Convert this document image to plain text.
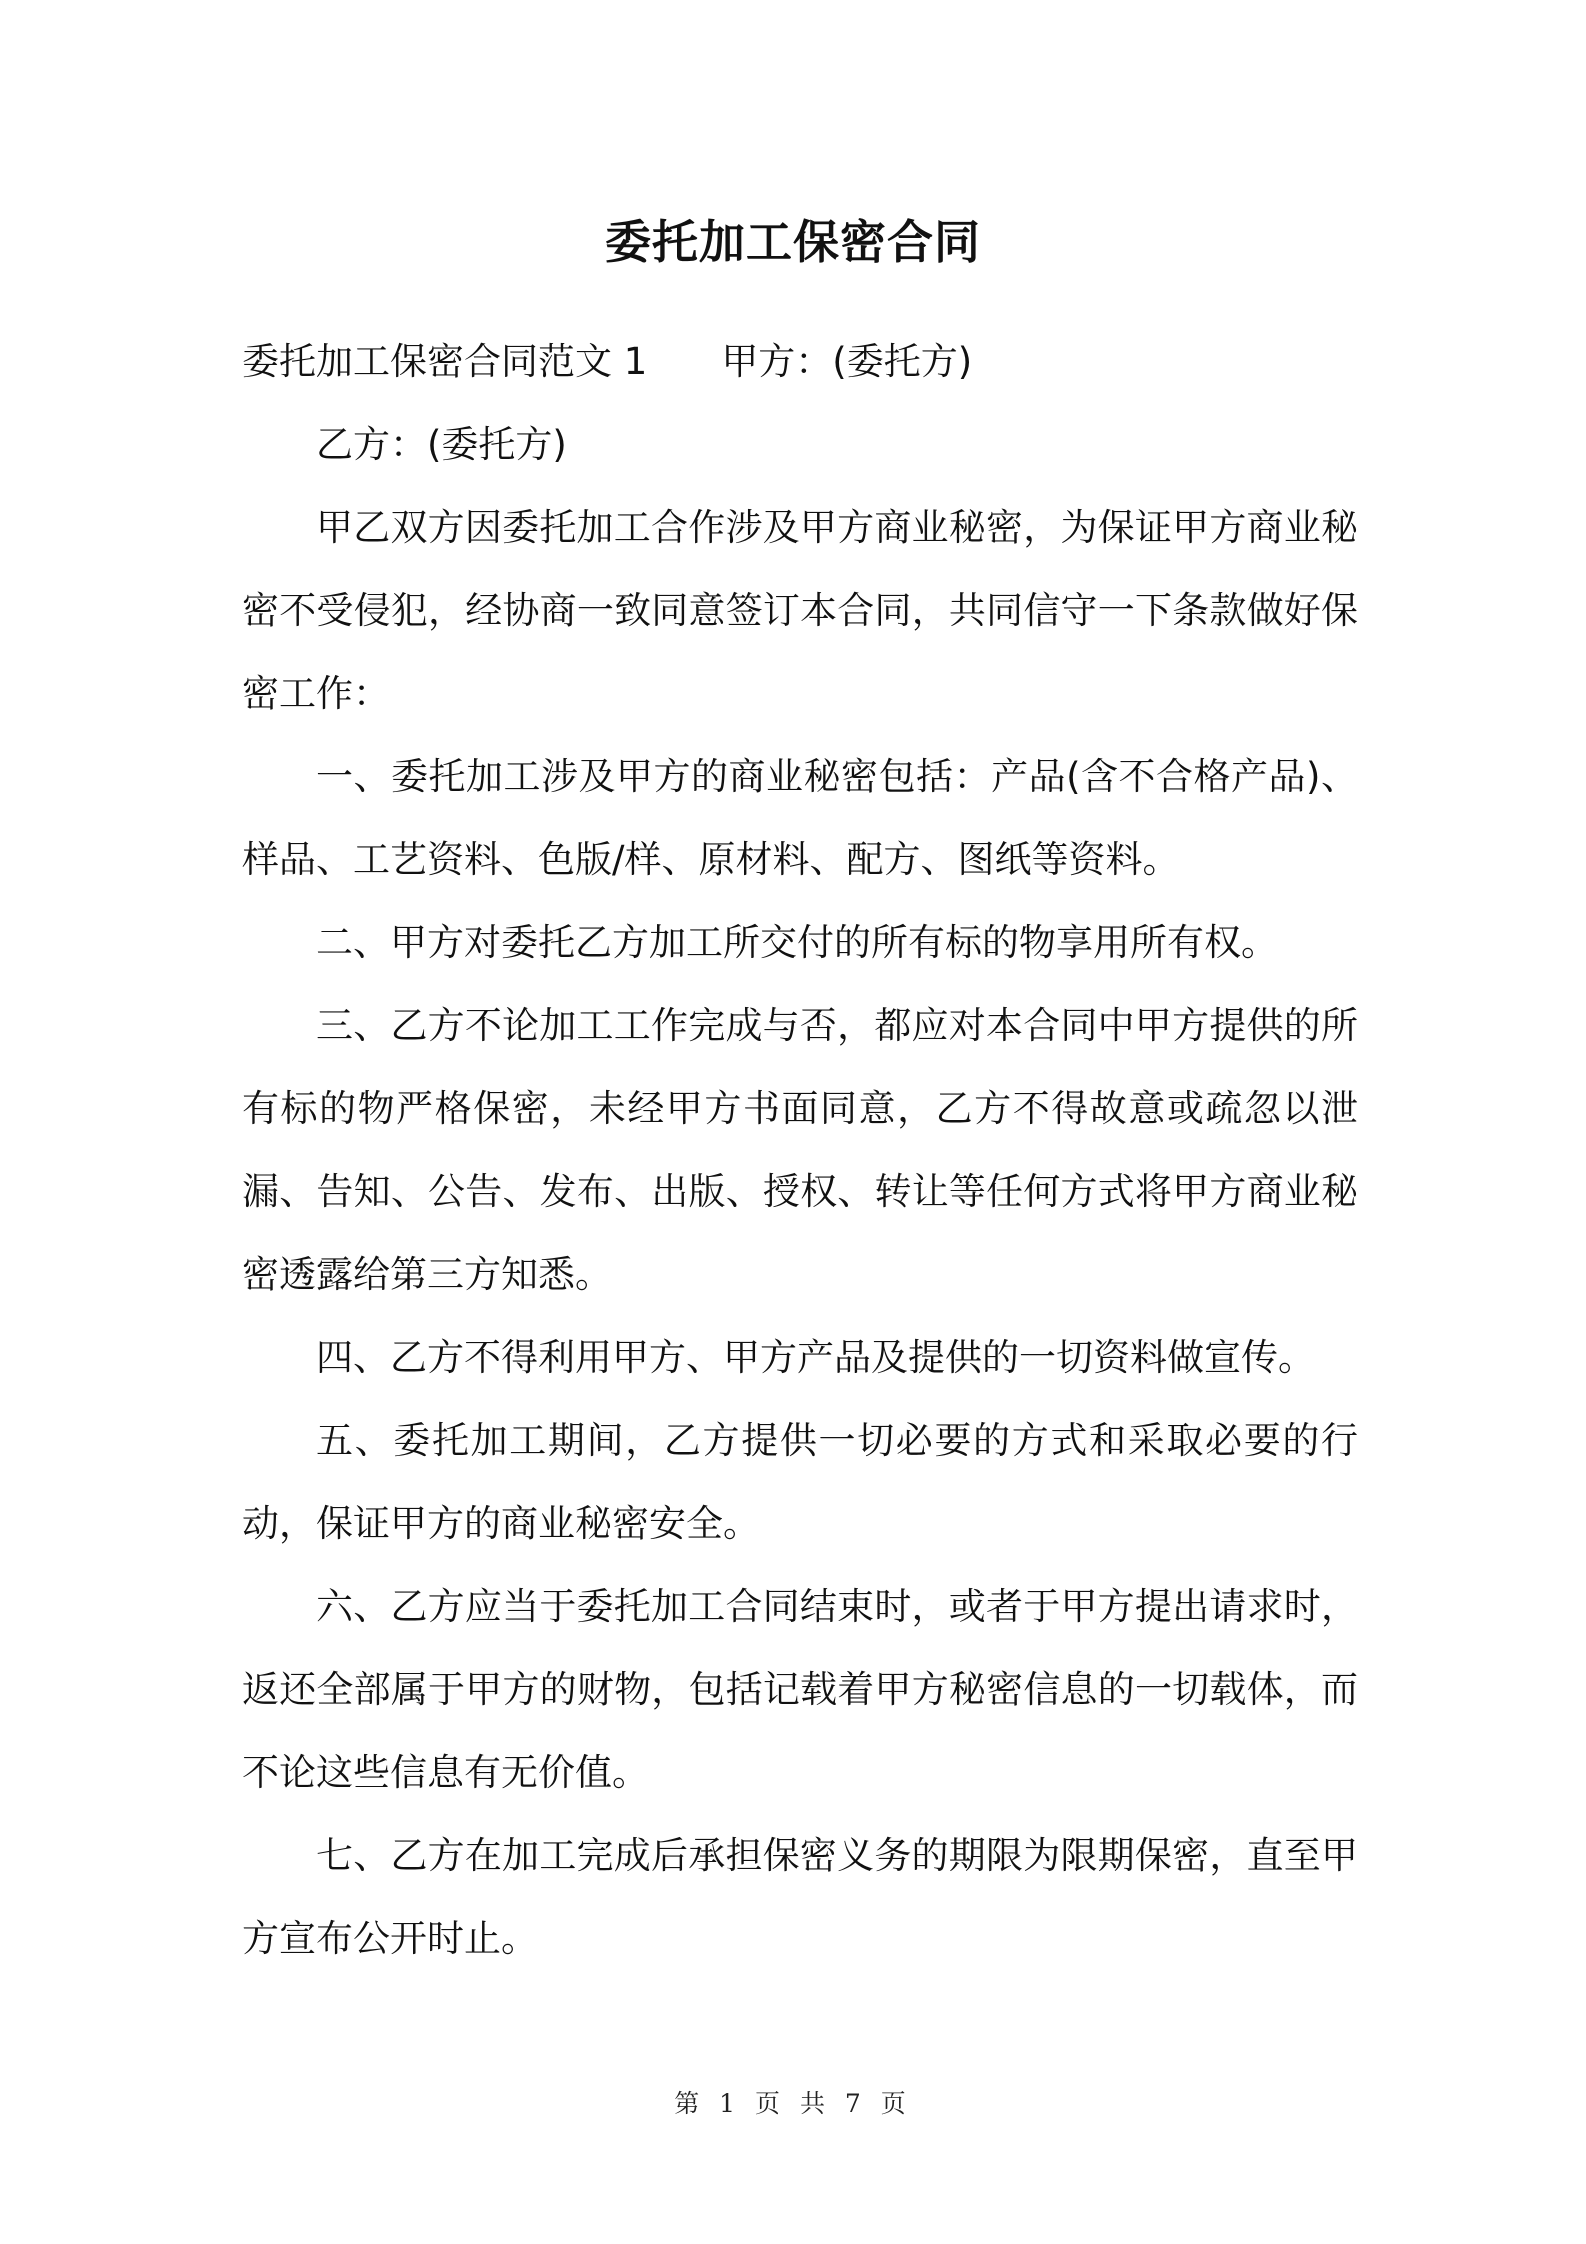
委托加工保密合同

委托加工保密合同范文 1 甲方：(委托方)

乙方：(委托方)

甲乙双方因委托加工合作涉及甲方商业秘密，为保证甲方商业秘密不受侵犯，经协商一致同意签订本合同，共同信守一下条款做好保密工作：

一、委托加工涉及甲方的商业秘密包括：产品(含不合格产品)、样品、工艺资料、色版/样、原材料、配方、图纸等资料。

二、甲方对委托乙方加工所交付的所有标的物享用所有权。

三、乙方不论加工工作完成与否，都应对本合同中甲方提供的所有标的物严格保密，未经甲方书面同意，乙方不得故意或疏忽以泄漏、告知、公告、发布、出版、授权、转让等任何方式将甲方商业秘密透露给第三方知悉。

四、乙方不得利用甲方、甲方产品及提供的一切资料做宣传。

五、委托加工期间，乙方提供一切必要的方式和采取必要的行动，保证甲方的商业秘密安全。

六、乙方应当于委托加工合同结束时，或者于甲方提出请求时，返还全部属于甲方的财物，包括记载着甲方秘密信息的一切载体，而不论这些信息有无价值。

七、乙方在加工完成后承担保密义务的期限为限期保密，直至甲方宣布公开时止。

第 1 页 共 7 页
